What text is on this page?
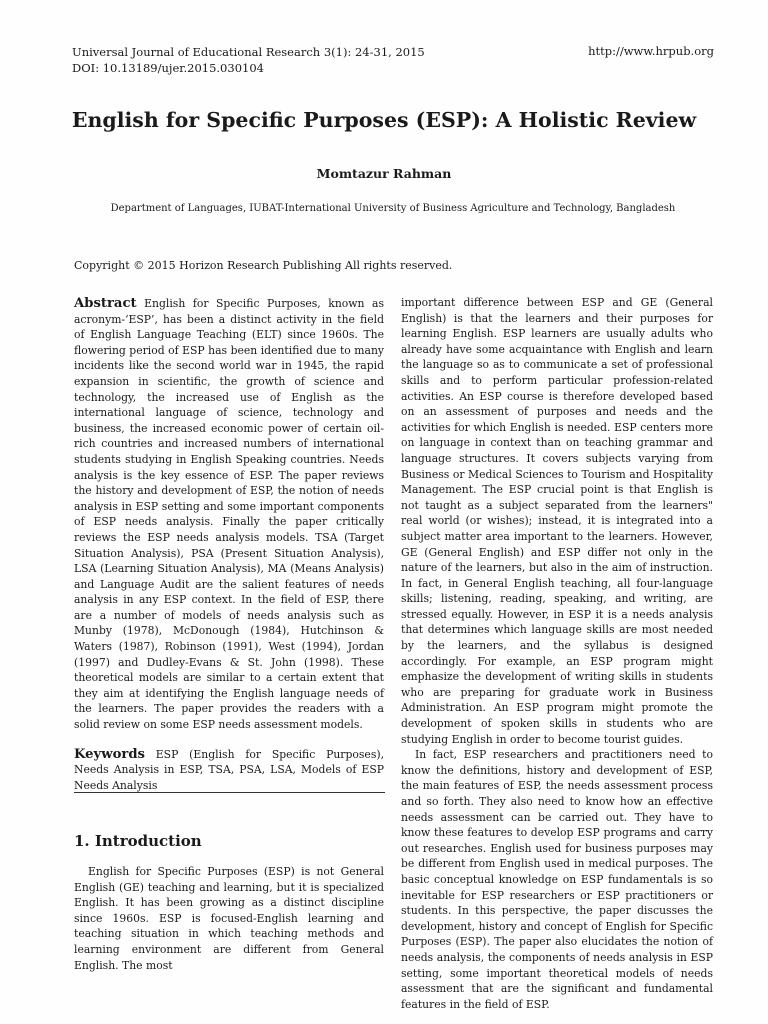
Universal Journal of Educational Research 3(1): 24-31, 2015
DOI: 10.13189/ujer.2015.030104
http://www.hrpub.org
English for Specific Purposes (ESP): A Holistic Review
Momtazur Rahman
Department of Languages, IUBAT-International University of Business Agriculture and Technology, Bangladesh
Copyright © 2015 Horizon Research Publishing All rights reserved.

Abstract English for Specific Purposes, known as acronym-‘ESP’, has been a distinct activity in the field of English Language Teaching (ELT) since 1960s. The flowering period of ESP has been identified due to many incidents like the second world war in 1945, the rapid expansion in scientific, the growth of science and technology, the increased use of English as the international language of science, technology and business, the increased economic power of certain oil-rich countries and increased numbers of international students studying in English Speaking countries. Needs analysis is the key essence of ESP. The paper reviews the history and development of ESP, the notion of needs analysis in ESP setting and some important components of ESP needs analysis. Finally the paper critically reviews the ESP needs analysis models. TSA (Target Situation Analysis), PSA (Present Situation Analysis), LSA (Learning Situation Analysis), MA (Means Analysis) and Language Audit are the salient features of needs analysis in any ESP context. In the field of ESP, there are a number of models of needs analysis such as Munby (1978), McDonough (1984), Hutchinson & Waters (1987), Robinson (1991), West (1994), Jordan (1997) and Dudley-Evans & St. John (1998). These theoretical models are similar to a certain extent that they aim at identifying the English language needs of the learners. The paper provides the readers with a solid review on some ESP needs assessment models.

Keywords ESP (English for Specific Purposes), Needs Analysis in ESP, TSA, PSA, LSA, Models of ESP Needs Analysis

1. Introduction

English for Specific Purposes (ESP) is not General English (GE) teaching and learning, but it is specialized English. It has been growing as a distinct discipline since 1960s. ESP is focused-English learning and teaching situation in which teaching methods and learning environment are different from General English. The most

important difference between ESP and GE (General English) is that the learners and their purposes for learning English. ESP learners are usually adults who already have some acquaintance with English and learn the language so as to communicate a set of professional skills and to perform particular profession-related activities. An ESP course is therefore developed based on an assessment of purposes and needs and the activities for which English is needed. ESP centers more on language in context than on teaching grammar and language structures. It covers subjects varying from Business or Medical Sciences to Tourism and Hospitality Management. The ESP crucial point is that English is not taught as a subject separated from the learners" real world (or wishes); instead, it is integrated into a subject matter area important to the learners. However, GE (General English) and ESP differ not only in the nature of the learners, but also in the aim of instruction. In fact, in General English teaching, all four-language skills; listening, reading, speaking, and writing, are stressed equally. However, in ESP it is a needs analysis that determines which language skills are most needed by the learners, and the syllabus is designed accordingly. For example, an ESP program might emphasize the development of writing skills in students who are preparing for graduate work in Business Administration. An ESP program might promote the development of spoken skills in students who are studying English in order to become tourist guides.

In fact, ESP researchers and practitioners need to know the definitions, history and development of ESP, the main features of ESP, the needs assessment process and so forth. They also need to know how an effective needs assessment can be carried out. They have to know these features to develop ESP programs and carry out researches. English used for business purposes may be different from English used in medical purposes. The basic conceptual knowledge on ESP fundamentals is so inevitable for ESP researchers or ESP practitioners or students. In this perspective, the paper discusses the development, history and concept of English for Specific Purposes (ESP). The paper also elucidates the notion of needs analysis, the components of needs analysis in ESP setting, some important theoretical models of needs assessment that are the significant and fundamental features in the field of ESP.
